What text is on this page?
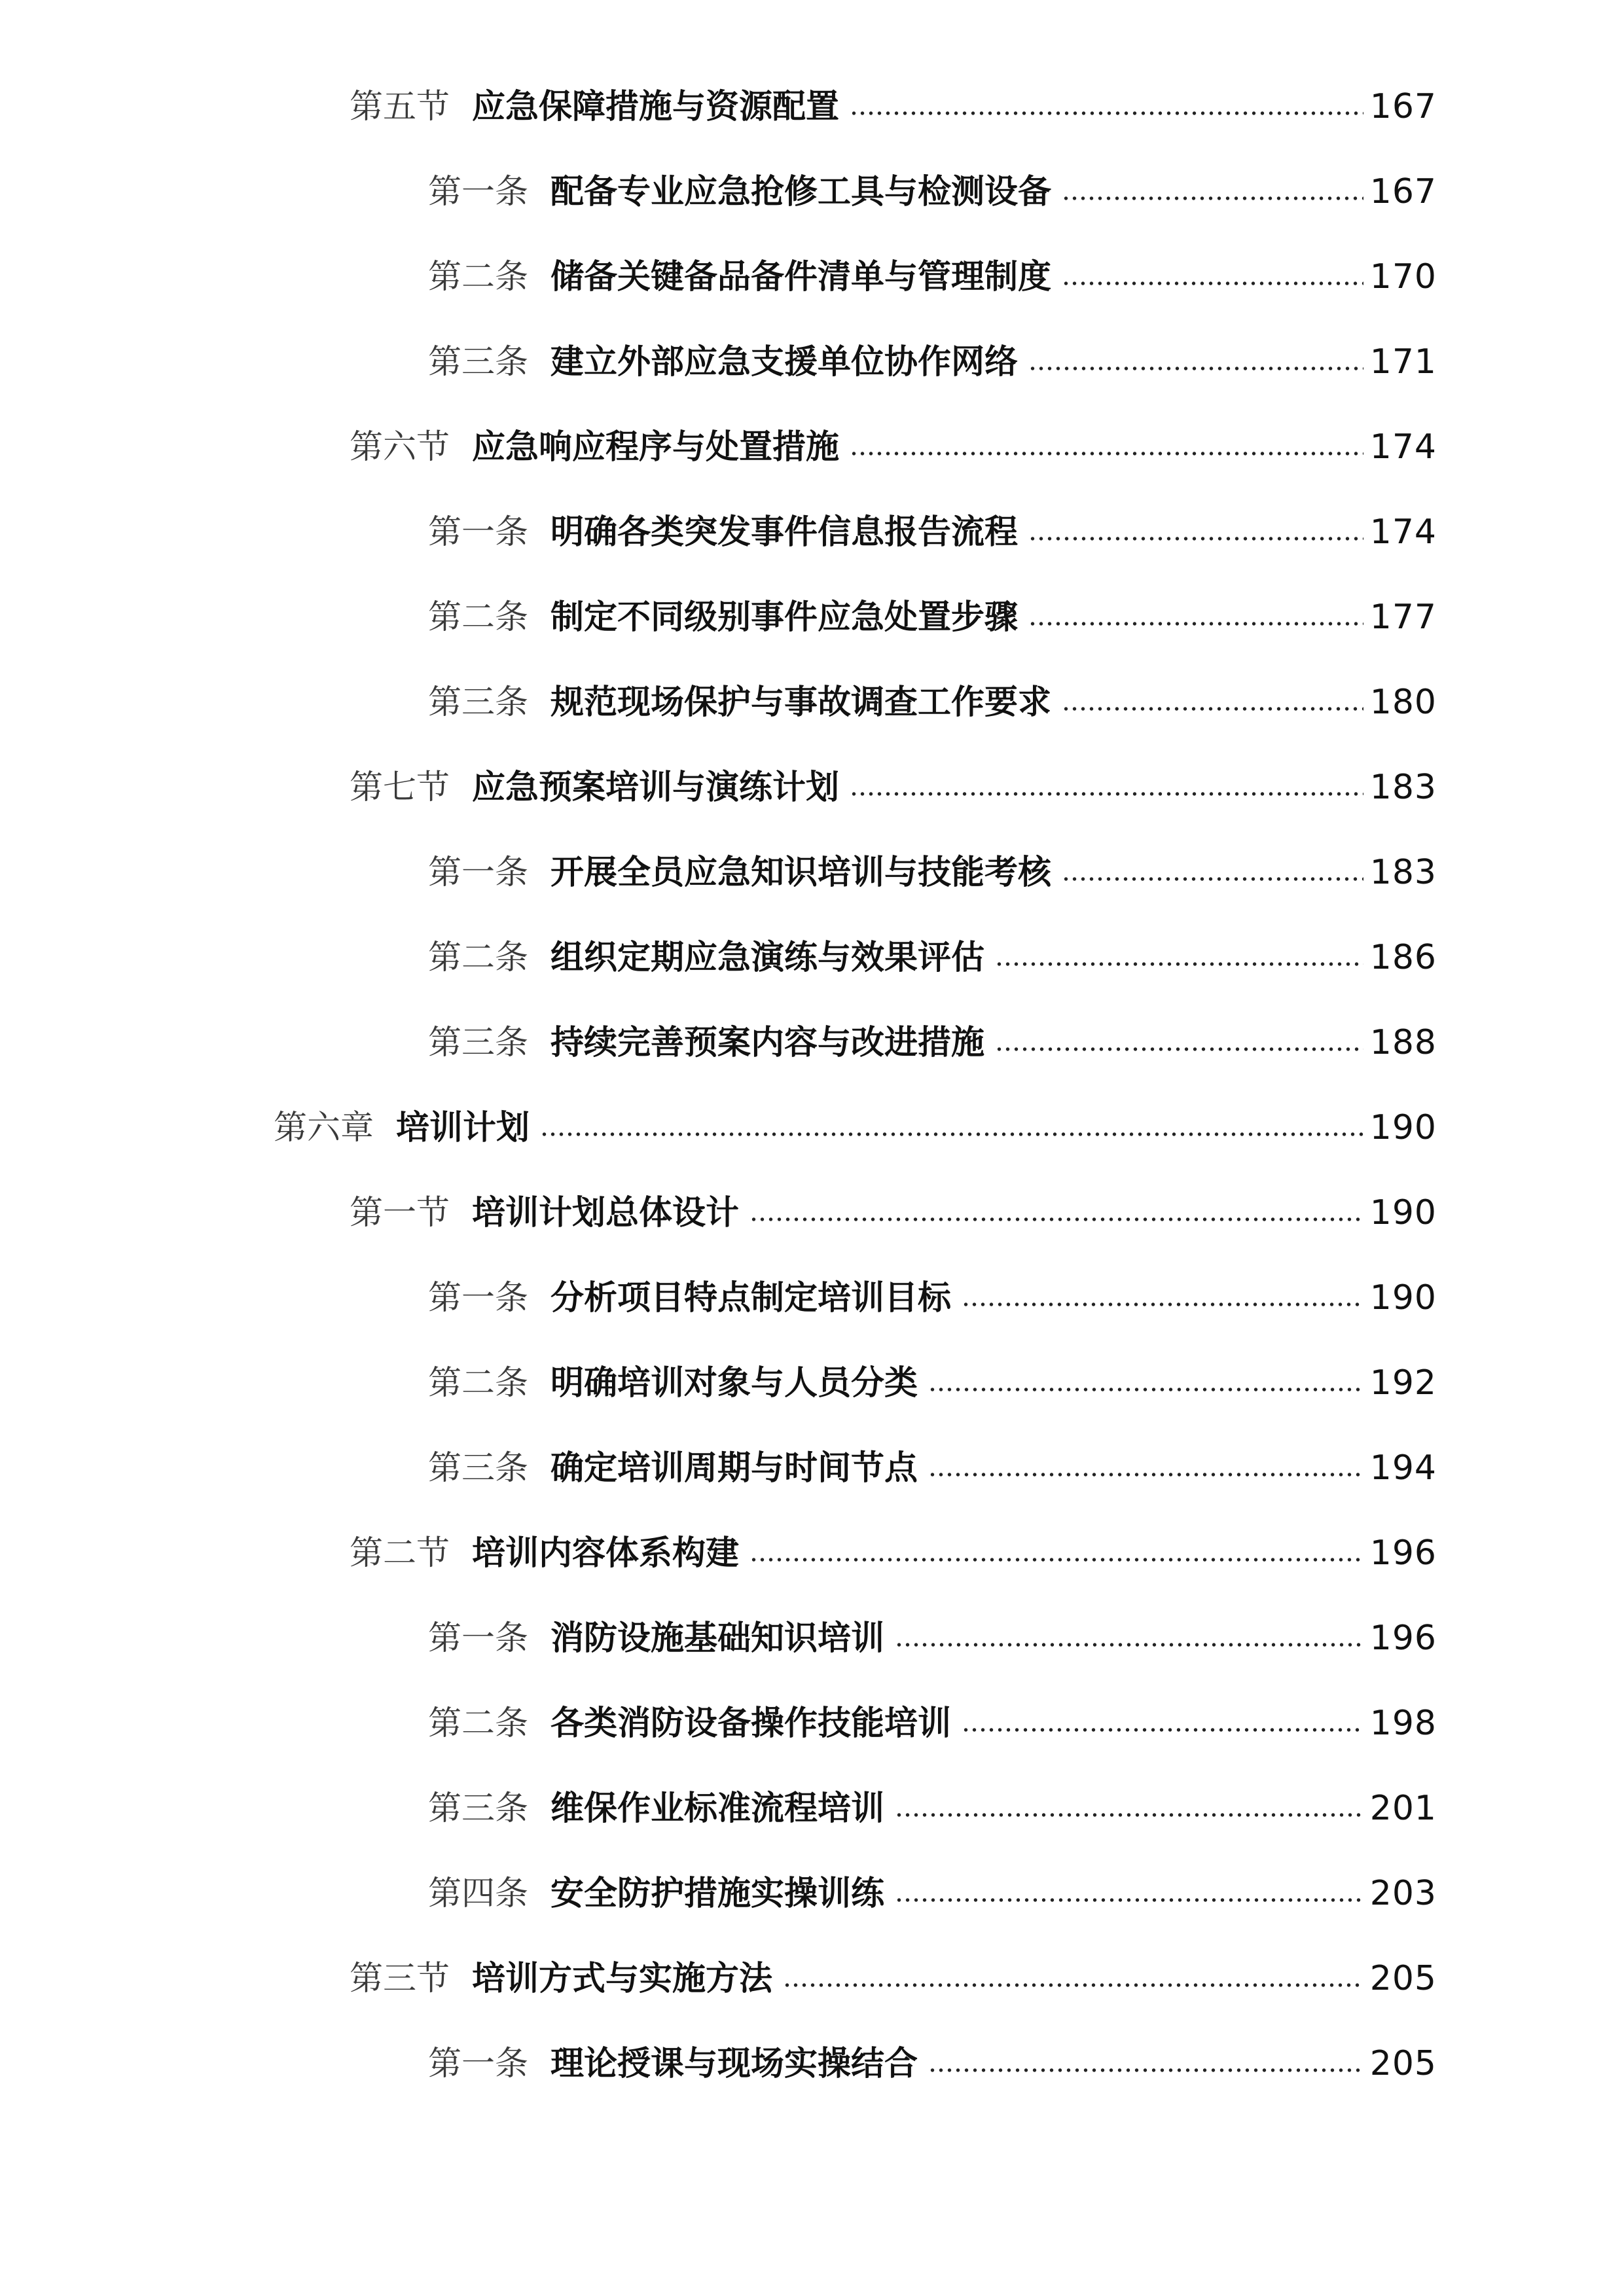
第五节 应急保障措施与资源配置	167
第一条 配备专业应急抢修工具与检测设备	167
第二条 储备关键备品备件清单与管理制度	170
第三条 建立外部应急支援单位协作网络	171
第六节 应急响应程序与处置措施	174
第一条 明确各类突发事件信息报告流程	174
第二条 制定不同级别事件应急处置步骤	177
第三条 规范现场保护与事故调查工作要求	180
第七节 应急预案培训与演练计划	183
第一条 开展全员应急知识培训与技能考核	183
第二条 组织定期应急演练与效果评估	186
第三条 持续完善预案内容与改进措施	188
第六章 培训计划	190
第一节 培训计划总体设计	190
第一条 分析项目特点制定培训目标	190
第二条 明确培训对象与人员分类	192
第三条 确定培训周期与时间节点	194
第二节 培训内容体系构建	196
第一条 消防设施基础知识培训	196
第二条 各类消防设备操作技能培训	198
第三条 维保作业标准流程培训	201
第四条 安全防护措施实操训练	203
第三节 培训方式与实施方法	205
第一条 理论授课与现场实操结合	205
